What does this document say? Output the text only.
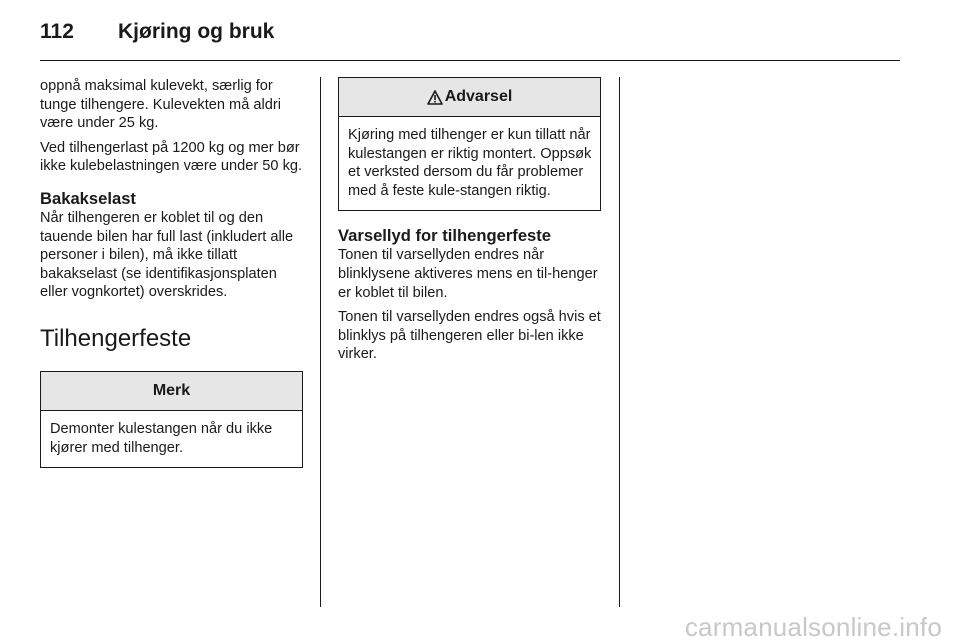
112 Kjøring og bruk

oppnå maksimal kulevekt, særlig for tunge tilhengere. Kulevekten må aldri være under 25 kg.

Ved tilhengerlast på 1200 kg og mer bør ikke kulebelastningen være under 50 kg.

Bakakselast

Når tilhengeren er koblet til og den tauende bilen har full last (inkludert alle personer i bilen), må ikke tillatt bakakselast (se identifikasjonsplaten eller vognkortet) overskrides.

Tilhengerfeste
Merk
Demonter kulestangen når du ikke kjører med tilhenger.
Advarsel
Kjøring med tilhenger er kun tillatt når kulestangen er riktig montert. Oppsøk et verksted dersom du får problemer med å feste kule-stangen riktig.
Varsellyd for tilhengerfeste

Tonen til varsellyden endres når blinklysene aktiveres mens en til-henger er koblet til bilen.

Tonen til varsellyden endres også hvis et blinklys på tilhengeren eller bi-len ikke virker.

carmanualsonline.info
